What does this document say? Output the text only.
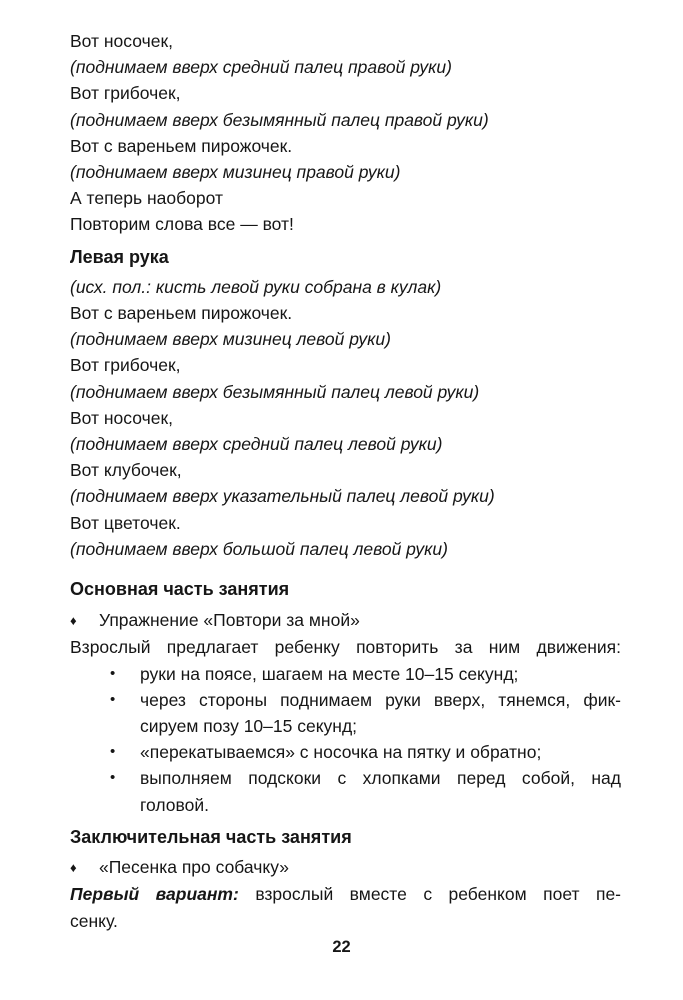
Вот носочек,
(поднимаем вверх средний палец правой руки)
Вот грибочек,
(поднимаем вверх безымянный палец правой руки)
Вот с вареньем пирожочек.
(поднимаем вверх мизинец правой руки)
А теперь наоборот
Повторим слова все — вот!
Левая рука
(исх. пол.: кисть левой руки собрана в кулак)
Вот с вареньем пирожочек.
(поднимаем вверх мизинец левой руки)
Вот грибочек,
(поднимаем вверх безымянный палец левой руки)
Вот носочек,
(поднимаем вверх средний палец левой руки)
Вот клубочек,
(поднимаем вверх указательный палец левой руки)
Вот цветочек.
(поднимаем вверх большой палец левой руки)
Основная часть занятия
♦ Упражнение «Повтори за мной»
Взрослый предлагает ребенку повторить за ним движения:
• руки на поясе, шагаем на месте 10–15 секунд;
• через стороны поднимаем руки вверх, тянемся, фик-
сируем позу 10–15 секунд;
• «перекатываемся» с носочка на пятку и обратно;
• выполняем подскоки с хлопками перед собой, над
головой.
Заключительная часть занятия
♦ «Песенка про собачку»
Первый вариант: взрослый вместе с ребенком поет пе-
сенку.
22
